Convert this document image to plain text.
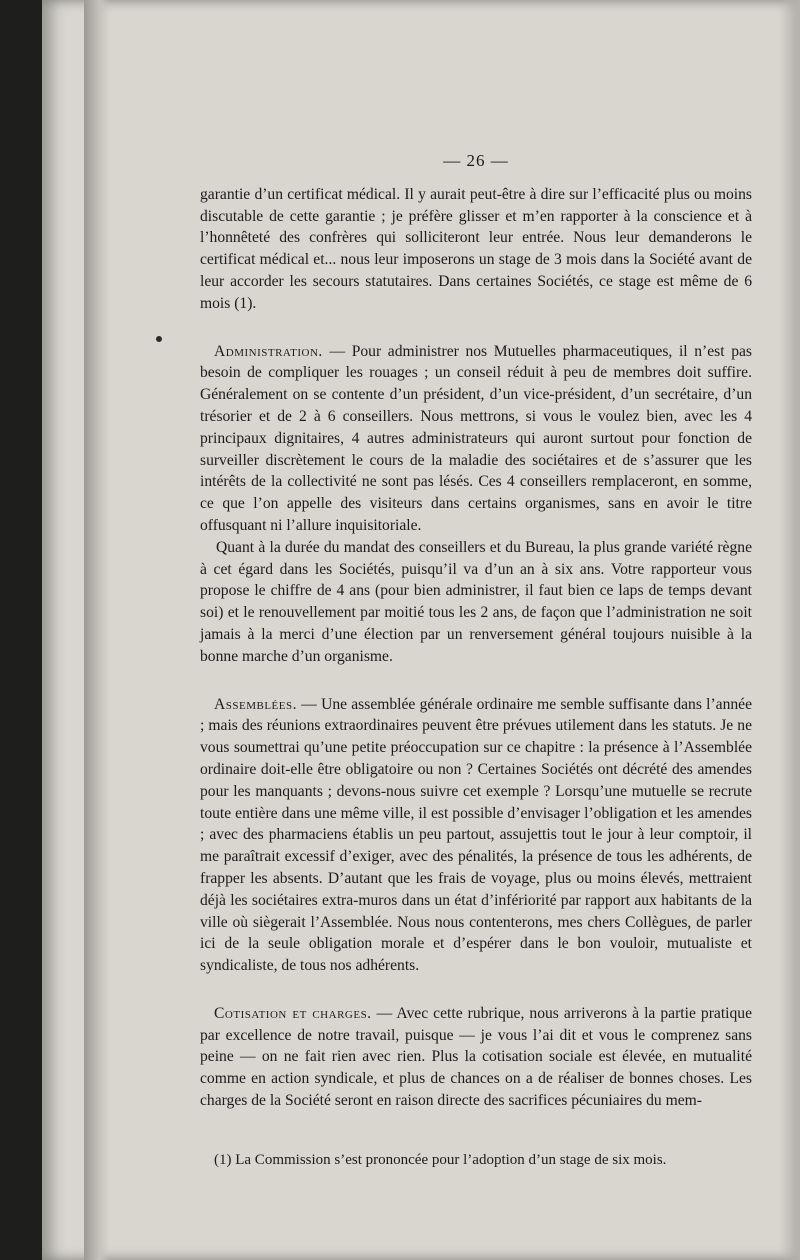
— 26 —

garantie d’un certificat médical. Il y aurait peut-être à dire sur l’efficacité plus ou moins discutable de cette garantie ; je préfère glisser et m’en rapporter à la conscience et à l’honnêteté des confrères qui solliciteront leur entrée. Nous leur demanderons le certificat médical et... nous leur imposerons un stage de 3 mois dans la Société avant de leur accorder les secours statutaires. Dans certaines Sociétés, ce stage est même de 6 mois (1).

Administration. — Pour administrer nos Mutuelles pharmaceutiques, il n’est pas besoin de compliquer les rouages ; un conseil réduit à peu de membres doit suffire. Généralement on se contente d’un président, d’un vice-président, d’un secrétaire, d’un trésorier et de 2 à 6 conseillers. Nous mettrons, si vous le voulez bien, avec les 4 principaux dignitaires, 4 autres administrateurs qui auront surtout pour fonction de surveiller discrètement le cours de la maladie des sociétaires et de s’assurer que les intérêts de la collectivité ne sont pas lésés. Ces 4 conseillers remplaceront, en somme, ce que l’on appelle des visiteurs dans certains organismes, sans en avoir le titre offusquant ni l’allure inquisitoriale.

Quant à la durée du mandat des conseillers et du Bureau, la plus grande variété règne à cet égard dans les Sociétés, puisqu’il va d’un an à six ans. Votre rapporteur vous propose le chiffre de 4 ans (pour bien administrer, il faut bien ce laps de temps devant soi) et le renouvellement par moitié tous les 2 ans, de façon que l’administration ne soit jamais à la merci d’une élection par un renversement général toujours nuisible à la bonne marche d’un organisme.

Assemblées. — Une assemblée générale ordinaire me semble suffisante dans l’année ; mais des réunions extraordinaires peuvent être prévues utilement dans les statuts. Je ne vous soumettrai qu’une petite préoccupation sur ce chapitre : la présence à l’Assemblée ordinaire doit-elle être obligatoire ou non ? Certaines Sociétés ont décrété des amendes pour les manquants ; devons-nous suivre cet exemple ? Lorsqu’une mutuelle se recrute toute entière dans une même ville, il est possible d’envisager l’obligation et les amendes ; avec des pharmaciens établis un peu partout, assujettis tout le jour à leur comptoir, il me paraîtrait excessif d’exiger, avec des pénalités, la présence de tous les adhérents, de frapper les absents. D’autant que les frais de voyage, plus ou moins élevés, mettraient déjà les sociétaires extra-muros dans un état d’infériorité par rapport aux habitants de la ville où siègerait l’Assemblée. Nous nous contenterons, mes chers Collègues, de parler ici de la seule obligation morale et d’espérer dans le bon vouloir, mutualiste et syndicaliste, de tous nos adhérents.

Cotisation et charges. — Avec cette rubrique, nous arriverons à la partie pratique par excellence de notre travail, puisque — je vous l’ai dit et vous le comprenez sans peine — on ne fait rien avec rien. Plus la cotisation sociale est élevée, en mutualité comme en action syndicale, et plus de chances on a de réaliser de bonnes choses. Les charges de la Société seront en raison directe des sacrifices pécuniaires du mem-

(1) La Commission s’est prononcée pour l’adoption d’un stage de six mois.
